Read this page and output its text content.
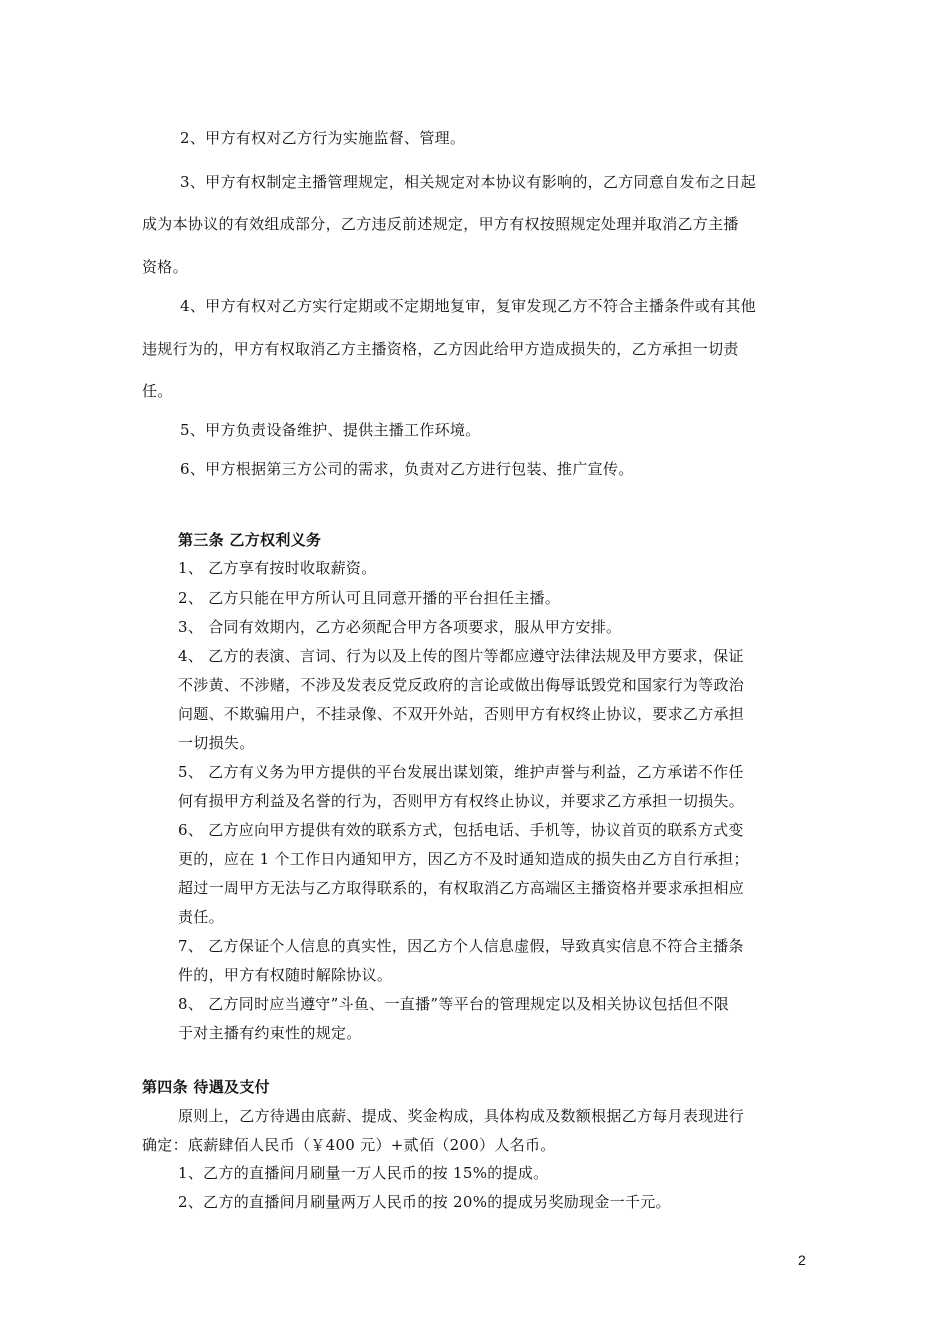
2、甲方有权对乙方行为实施监督、管理。
3、甲方有权制定主播管理规定，相关规定对本协议有影响的，乙方同意自发布之日起
成为本协议的有效组成部分，乙方违反前述规定，甲方有权按照规定处理并取消乙方主播
资格。
4、甲方有权对乙方实行定期或不定期地复审，复审发现乙方不符合主播条件或有其他
违规行为的，甲方有权取消乙方主播资格，乙方因此给甲方造成损失的，乙方承担一切责
任。
5、甲方负责设备维护、提供主播工作环境。
6、甲方根据第三方公司的需求，负责对乙方进行包装、推广宣传。
第三条 乙方权利义务
1、 乙方享有按时收取薪资。
2、 乙方只能在甲方所认可且同意开播的平台担任主播。
3、 合同有效期内，乙方必须配合甲方各项要求，服从甲方安排。
4、 乙方的表演、言词、行为以及上传的图片等都应遵守法律法规及甲方要求，保证
不涉黄、不涉赌，不涉及发表反党反政府的言论或做出侮辱诋毁党和国家行为等政治
问题、不欺骗用户，不挂录像、不双开外站，否则甲方有权终止协议，要求乙方承担
一切损失。
5、 乙方有义务为甲方提供的平台发展出谋划策，维护声誉与利益，乙方承诺不作任
何有损甲方利益及名誉的行为，否则甲方有权终止协议，并要求乙方承担一切损失。
6、 乙方应向甲方提供有效的联系方式，包括电话、手机等，协议首页的联系方式变
更的，应在 1 个工作日内通知甲方，因乙方不及时通知造成的损失由乙方自行承担；
超过一周甲方无法与乙方取得联系的，有权取消乙方高端区主播资格并要求承担相应
责任。
7、 乙方保证个人信息的真实性，因乙方个人信息虚假，导致真实信息不符合主播条
件的，甲方有权随时解除协议。
8、 乙方同时应当遵守”斗鱼、一直播”等平台的管理规定以及相关协议包括但不限
于对主播有约束性的规定。
第四条 待遇及支付
原则上，乙方待遇由底薪、提成、奖金构成，具体构成及数额根据乙方每月表现进行
确定：底薪肆佰人民币（￥400 元）+贰佰（200）人名币。
1、乙方的直播间月刷量一万人民币的按 15%的提成。
2、乙方的直播间月刷量两万人民币的按 20%的提成另奖励现金一千元。
2
